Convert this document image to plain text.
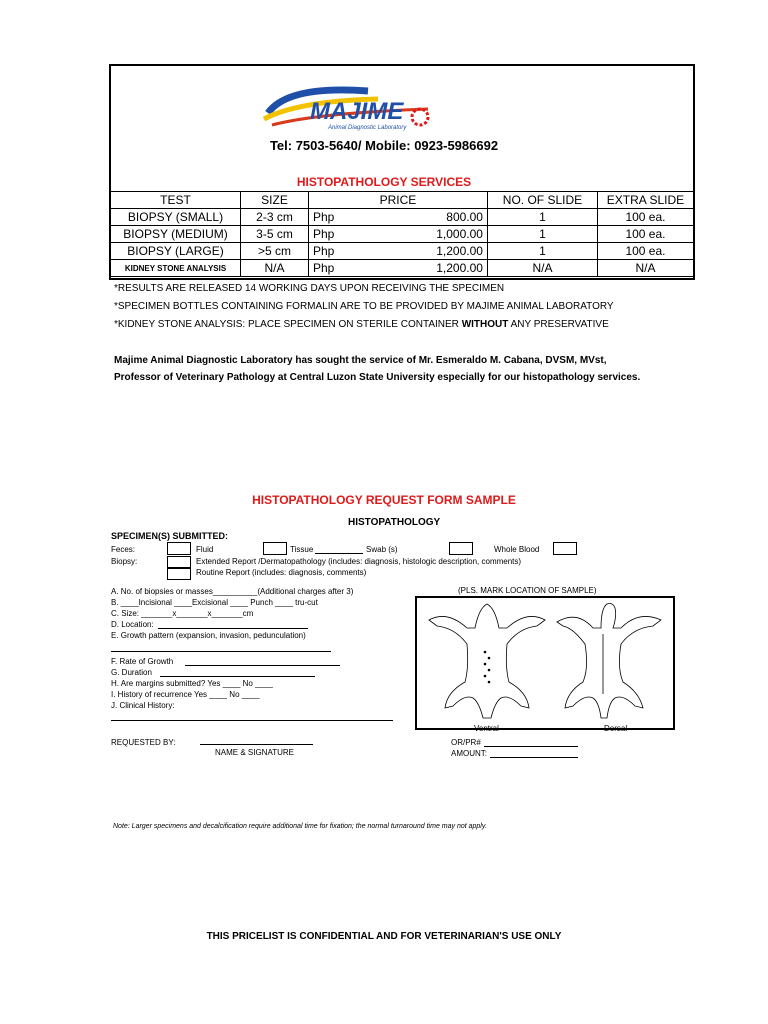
MAJIME
Animal Diagnostic Laboratory
Tel: 7503-5640/ Mobile: 0923-5986692
HISTOPATHOLOGY SERVICES
TEST	SIZE	PRICE		NO. OF SLIDE	EXTRA SLIDE
BIOPSY (SMALL)	2-3 cm	Php	800.00	1	100 ea.
BIOPSY (MEDIUM)	3-5 cm	Php	1,000.00	1	100 ea.
BIOPSY (LARGE)	>5 cm	Php	1,200.00	1	100 ea.
KIDNEY STONE ANALYSIS	N/A	Php	1,200.00	N/A	N/A
*RESULTS ARE RELEASED 14 WORKING DAYS UPON RECEIVING THE SPECIMEN
*SPECIMEN BOTTLES CONTAINING FORMALIN ARE TO BE PROVIDED BY MAJIME ANIMAL LABORATORY
*KIDNEY STONE ANALYSIS: PLACE SPECIMEN ON STERILE CONTAINER WITHOUT ANY PRESERVATIVE
Majime Animal Diagnostic Laboratory has sought the service of Mr. Esmeraldo M. Cabana, DVSM, MVst,
Professor of Veterinary Pathology at Central Luzon State University especially for our histopathology services.
HISTOPATHOLOGY REQUEST FORM SAMPLE
HISTOPATHOLOGY
SPECIMEN(S) SUBMITTED:
Feces:	Fluid	Tissue	Swab (s)	Whole Blood
Biopsy:	Extended Report /Dermatopathology (includes: diagnosis, histologic description, comments)
Routine Report (includes: diagnosis, comments)
A. No. of biopsies or masses__________(Additional charges after 3)
B. ____Incisional ____Excisional ____ Punch ____ tru-cut
C. Size: _______x_______x_______cm
D. Location:
E. Growth pattern (expansion, invasion, pedunculation)
F. Rate of Growth
G. Duration
H. Are margins submitted? Yes ____ No ____
I. History of recurrence Yes ____ No ____
J. Clinical History:
(PLS. MARK LOCATION OF SAMPLE)
Ventral	Dorsal
REQUESTED BY:
NAME & SIGNATURE
OR/PR#
AMOUNT:
Note: Larger specimens and decalcification require additional time for fixation; the normal turnaround time may not apply.
THIS PRICELIST IS CONFIDENTIAL AND FOR VETERINARIAN'S USE ONLY
